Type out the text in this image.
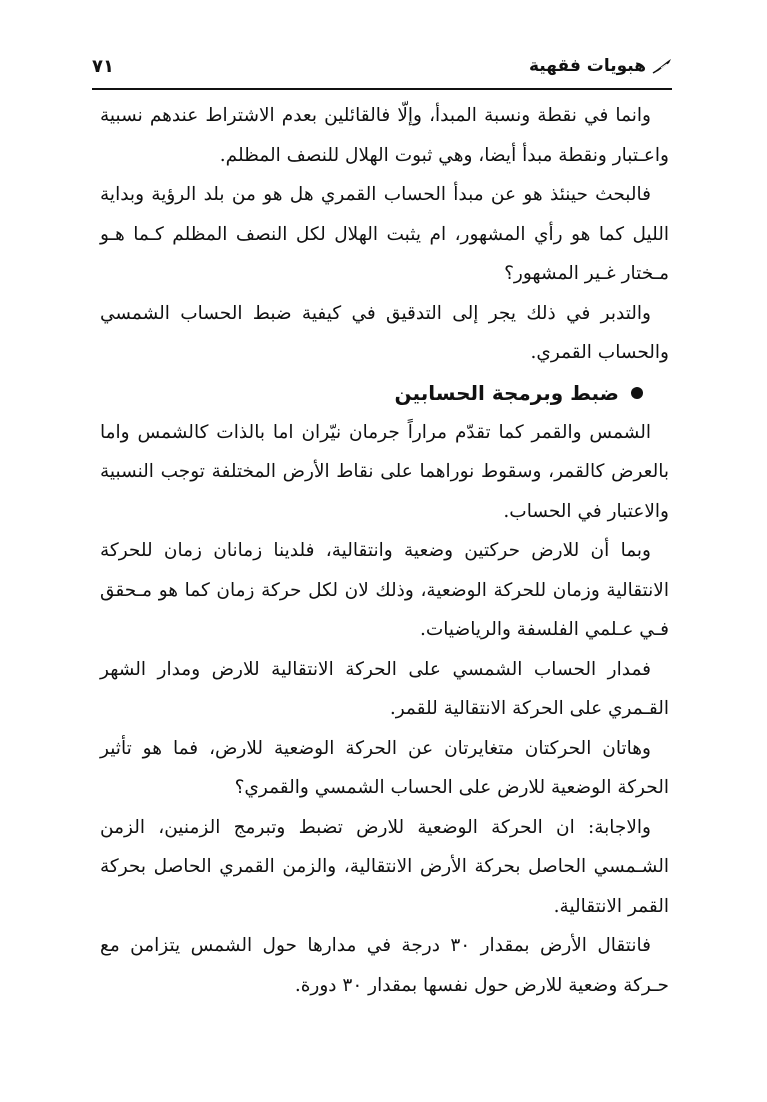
هبويات فقهية
٧١

وانما في نقطة ونسبة المبدأ، وإلّا فالقائلين بعدم الاشتراط عندهم نسبية واعـتبار ونقطة مبدأ أيضا، وهي ثبوت الهلال للنصف المظلم.

فالبحث حينئذ هو عن مبدأ الحساب القمري هل هو من بلد الرؤية وبداية الليل كما هو رأي المشهور، ام يثبت الهلال لكل النصف المظلم كـما هـو مـختار غـير المشهور؟

والتدبر في ذلك يجر إلى التدقيق في كيفية ضبط الحساب الشمسي والحساب القمري.

ضبط وبرمجة الحسابين

الشمس والقمر كما تقدّم مراراً جرمان نيّران اما بالذات كالشمس واما بالعرض كالقمر، وسقوط نوراهما على نقاط الأرض المختلفة توجب النسبية والاعتبار في الحساب.

وبما أن للارض حركتين وضعية وانتقالية، فلدينا زمانان زمان للحركة الانتقالية وزمان للحركة الوضعية، وذلك لان لكل حركة زمان كما هو مـحقق فـي عـلمي الفلسفة والرياضيات.

فمدار الحساب الشمسي على الحركة الانتقالية للارض ومدار الشهر القـمري على الحركة الانتقالية للقمر.

وهاتان الحركتان متغايرتان عن الحركة الوضعية للارض، فما هو تأثير الحركة الوضعية للارض على الحساب الشمسي والقمري؟

والاجابة: ان الحركة الوضعية للارض تضبط وتبرمج الزمنين، الزمن الشـمسي الحاصل بحركة الأرض الانتقالية، والزمن القمري الحاصل بحركة القمر الانتقالية.

فانتقال الأرض بمقدار ٣٠ درجة في مدارها حول الشمس يتزامن مع حـركة وضعية للارض حول نفسها بمقدار ٣٠ دورة.
